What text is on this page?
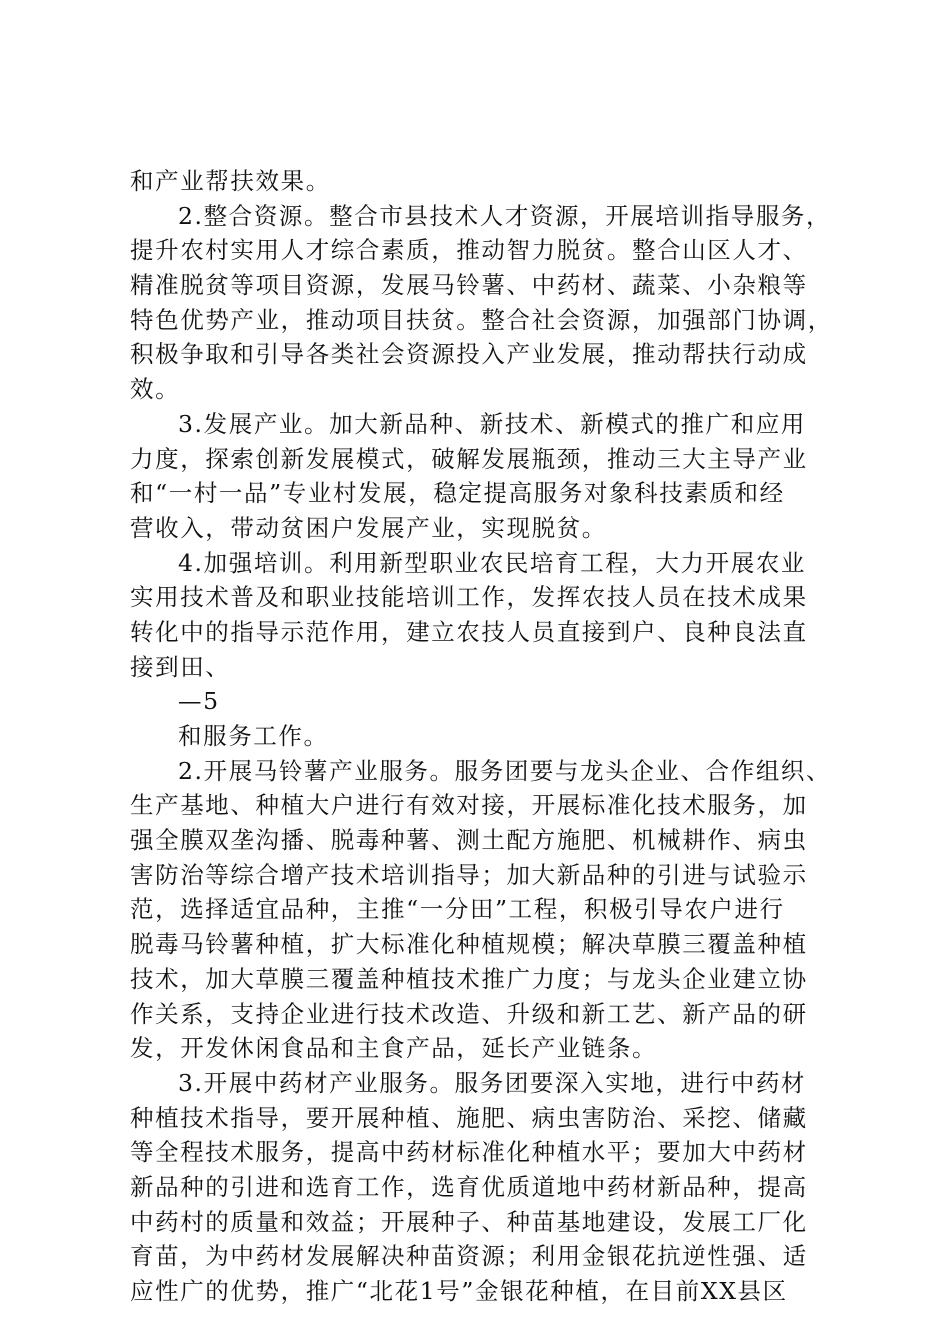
和产业帮扶效果。
2.整合资源。整合市县技术人才资源，开展培训指导服务，
提升农村实用人才综合素质，推动智力脱贫。整合山区人才、
精准脱贫等项目资源，发展马铃薯、中药材、蔬菜、小杂粮等
特色优势产业，推动项目扶贫。整合社会资源，加强部门协调，
积极争取和引导各类社会资源投入产业发展，推动帮扶行动成
效。
3.发展产业。加大新品种、新技术、新模式的推广和应用
力度，探索创新发展模式，破解发展瓶颈，推动三大主导产业
和“一村一品”专业村发展，稳定提高服务对象科技素质和经
营收入，带动贫困户发展产业，实现脱贫。
4.加强培训。利用新型职业农民培育工程，大力开展农业
实用技术普及和职业技能培训工作，发挥农技人员在技术成果
转化中的指导示范作用，建立农技人员直接到户、良种良法直
接到田、
—5
和服务工作。
2.开展马铃薯产业服务。服务团要与龙头企业、合作组织、
生产基地、种植大户进行有效对接，开展标准化技术服务，加
强全膜双垄沟播、脱毒种薯、测土配方施肥、机械耕作、病虫
害防治等综合增产技术培训指导；加大新品种的引进与试验示
范，选择适宜品种，主推“一分田”工程，积极引导农户进行
脱毒马铃薯种植，扩大标准化种植规模；解决草膜三覆盖种植
技术，加大草膜三覆盖种植技术推广力度；与龙头企业建立协
作关系，支持企业进行技术改造、升级和新工艺、新产品的研
发，开发休闲食品和主食产品，延长产业链条。
3.开展中药材产业服务。服务团要深入实地，进行中药材
种植技术指导，要开展种植、施肥、病虫害防治、采挖、储藏
等全程技术服务，提高中药材标准化种植水平；要加大中药材
新品种的引进和选育工作，选育优质道地中药材新品种，提高
中药村的质量和效益；开展种子、种苗基地建设，发展工厂化
育苗，为中药材发展解决种苗资源；利用金银花抗逆性强、适
应性广的优势，推广“北花1号”金银花种植，在目前XX县区
